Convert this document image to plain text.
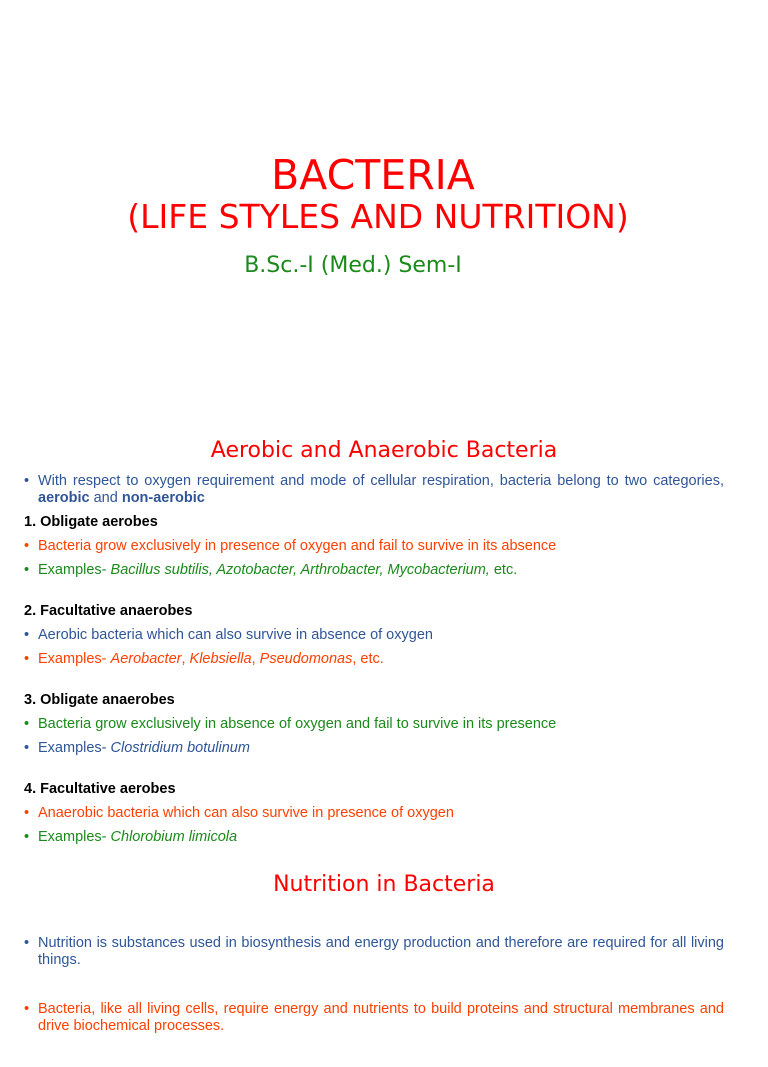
BACTERIA
(LIFE STYLES AND NUTRITION)
B.Sc.-I (Med.) Sem-I
Aerobic and Anaerobic Bacteria
• With respect to oxygen requirement and mode of cellular respiration, bacteria belong to two categories, aerobic and non-aerobic
1. Obligate aerobes
• Bacteria grow exclusively in presence of oxygen and fail to survive in its absence
• Examples- Bacillus subtilis, Azotobacter, Arthrobacter, Mycobacterium, etc.
2. Facultative anaerobes
• Aerobic bacteria which can also survive in absence of oxygen
• Examples- Aerobacter, Klebsiella, Pseudomonas, etc.
3. Obligate anaerobes
• Bacteria grow exclusively in absence of oxygen and fail to survive in its presence
• Examples- Clostridium botulinum
4. Facultative aerobes
• Anaerobic bacteria which can also survive in presence of oxygen
• Examples- Chlorobium limicola
Nutrition in Bacteria
• Nutrition is substances used in biosynthesis and energy production and therefore are required for all living things.
• Bacteria, like all living cells, require energy and nutrients to build proteins and structural membranes and drive biochemical processes.
